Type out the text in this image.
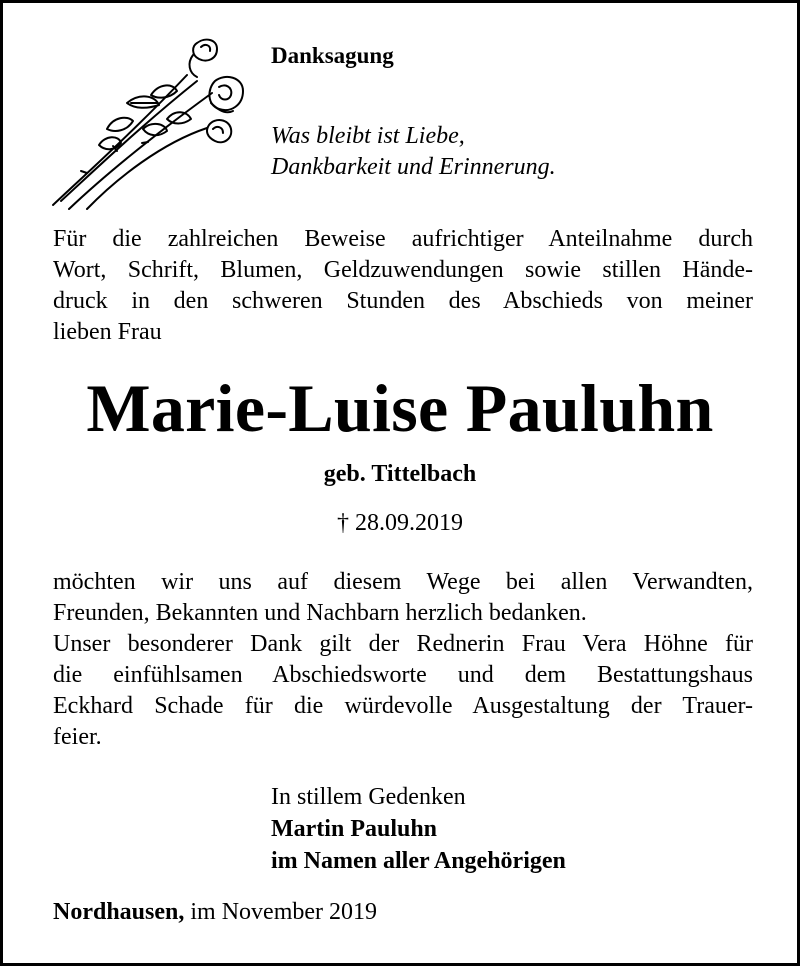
Danksagung
Was bleibt ist Liebe,
Dankbarkeit und Erinnerung.
Für die zahlreichen Beweise aufrichtiger Anteilnahme durch
Wort, Schrift, Blumen, Geldzuwendungen sowie stillen Hände-
druck in den schweren Stunden des Abschieds von meiner
lieben Frau
Marie-Luise Pauluhn
geb. Tittelbach
† 28.09.2019
möchten wir uns auf diesem Wege bei allen Verwandten,
Freunden, Bekannten und Nachbarn herzlich bedanken.
Unser besonderer Dank gilt der Rednerin Frau Vera Höhne für
die einfühlsamen Abschiedsworte und dem Bestattungshaus
Eckhard Schade für die würdevolle Ausgestaltung der Trauer-
feier.
In stillem Gedenken
Martin Pauluhn
im Namen aller Angehörigen
Nordhausen, im November 2019
